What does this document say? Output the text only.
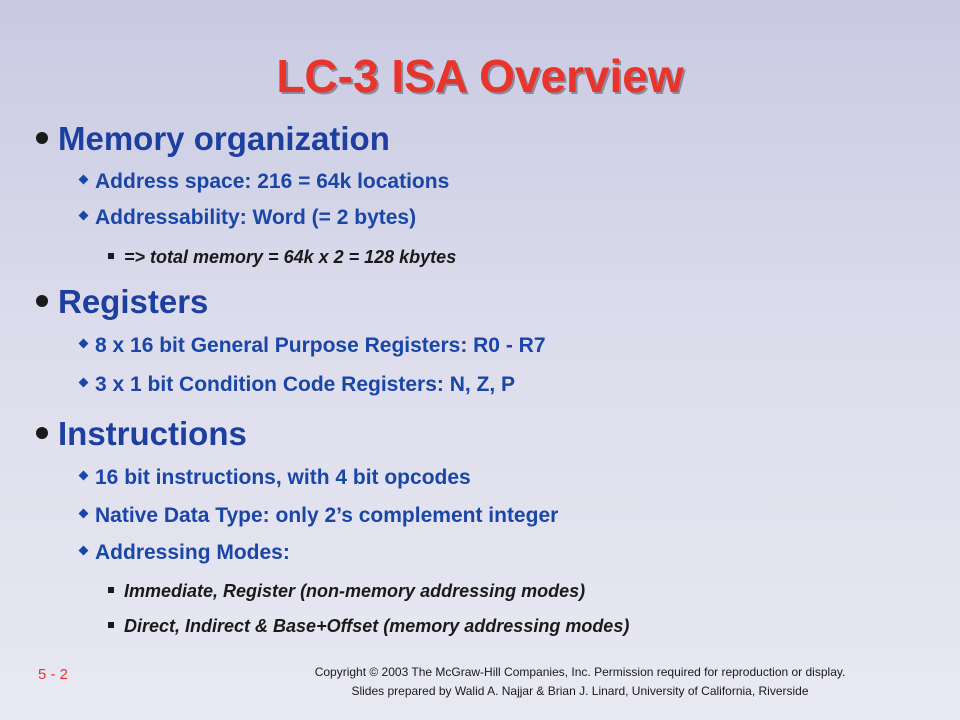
LC-3 ISA Overview
Memory organization
Address space: 216 = 64k locations
Addressability: Word (= 2 bytes)
=> total memory = 64k x 2 = 128 kbytes
Registers
8 x 16 bit General Purpose Registers: R0 - R7
3 x 1 bit Condition Code Registers: N, Z, P
Instructions
16 bit instructions, with 4 bit opcodes
Native Data Type: only 2’s complement integer
Addressing Modes:
Immediate, Register (non-memory addressing modes)
Direct, Indirect & Base+Offset (memory addressing modes)
5 - 2	Copyright © 2003 The McGraw-Hill Companies, Inc. Permission required for reproduction or display.
Slides prepared by Walid A. Najjar & Brian J. Linard, University of California, Riverside
